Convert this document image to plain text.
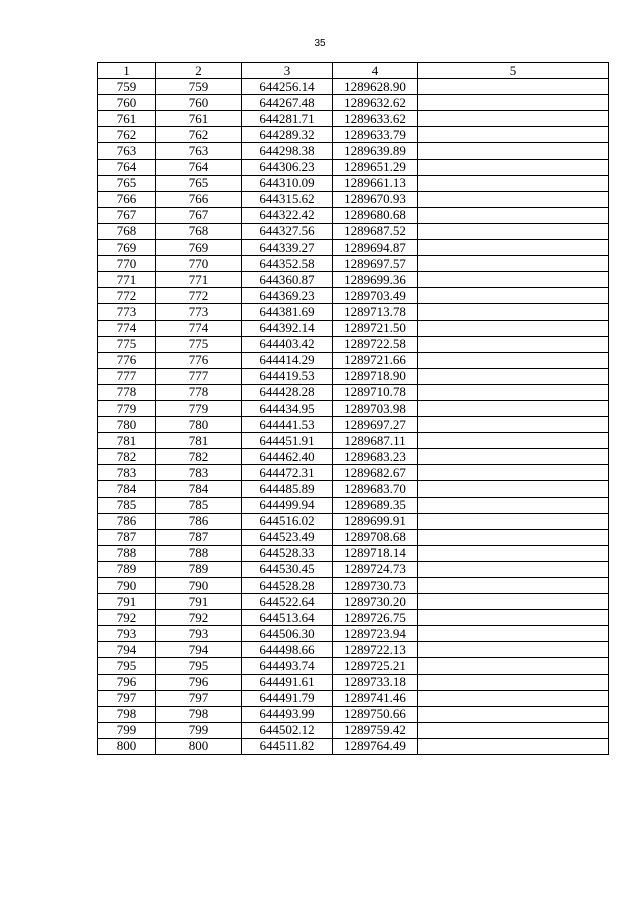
35
1	2	3	4	5
759	759	644256.14	1289628.90	
760	760	644267.48	1289632.62	
761	761	644281.71	1289633.62	
762	762	644289.32	1289633.79	
763	763	644298.38	1289639.89	
764	764	644306.23	1289651.29	
765	765	644310.09	1289661.13	
766	766	644315.62	1289670.93	
767	767	644322.42	1289680.68	
768	768	644327.56	1289687.52	
769	769	644339.27	1289694.87	
770	770	644352.58	1289697.57	
771	771	644360.87	1289699.36	
772	772	644369.23	1289703.49	
773	773	644381.69	1289713.78	
774	774	644392.14	1289721.50	
775	775	644403.42	1289722.58	
776	776	644414.29	1289721.66	
777	777	644419.53	1289718.90	
778	778	644428.28	1289710.78	
779	779	644434.95	1289703.98	
780	780	644441.53	1289697.27	
781	781	644451.91	1289687.11	
782	782	644462.40	1289683.23	
783	783	644472.31	1289682.67	
784	784	644485.89	1289683.70	
785	785	644499.94	1289689.35	
786	786	644516.02	1289699.91	
787	787	644523.49	1289708.68	
788	788	644528.33	1289718.14	
789	789	644530.45	1289724.73	
790	790	644528.28	1289730.73	
791	791	644522.64	1289730.20	
792	792	644513.64	1289726.75	
793	793	644506.30	1289723.94	
794	794	644498.66	1289722.13	
795	795	644493.74	1289725.21	
796	796	644491.61	1289733.18	
797	797	644491.79	1289741.46	
798	798	644493.99	1289750.66	
799	799	644502.12	1289759.42	
800	800	644511.82	1289764.49	
